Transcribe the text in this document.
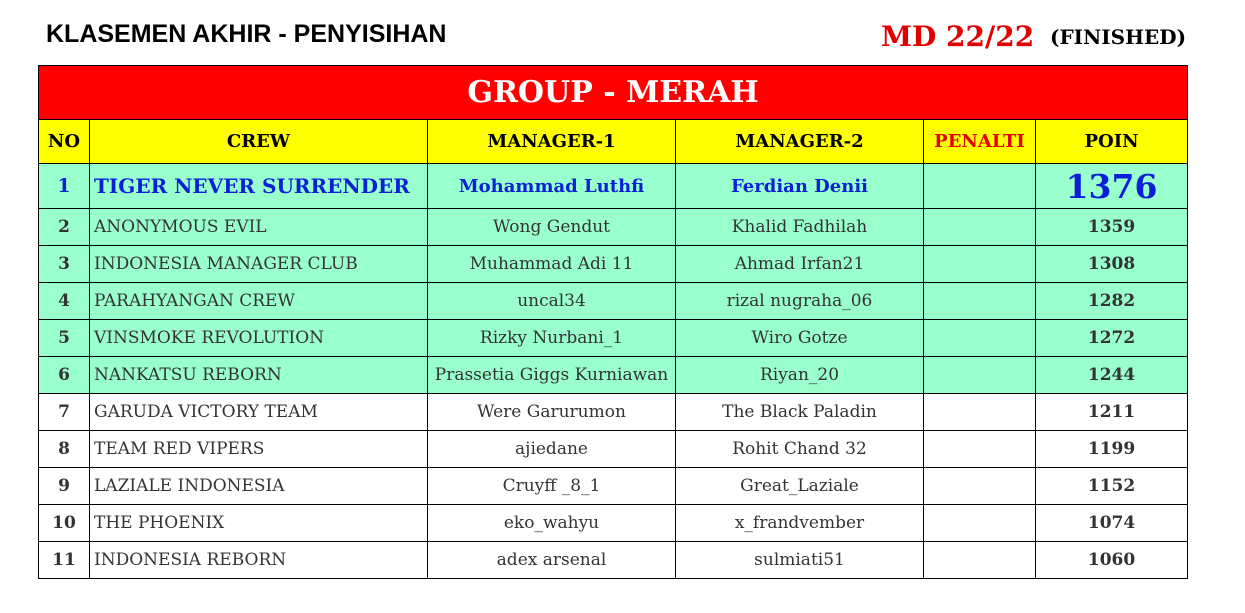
KLASEMEN AKHIR - PENYISIHAN	MD 22/22 (FINISHED)
GROUP - MERAH					
NO	CREW	MANAGER-1	MANAGER-2	PENALTI	POIN
1	TIGER NEVER SURRENDER	Mohammad Luthfi	Ferdian Denii		1376
2	ANONYMOUS EVIL	Wong Gendut	Khalid Fadhilah		1359
3	INDONESIA MANAGER CLUB	Muhammad Adi 11	Ahmad Irfan21		1308
4	PARAHYANGAN CREW	uncal34	rizal nugraha_06		1282
5	VINSMOKE REVOLUTION	Rizky Nurbani_1	Wiro Gotze		1272
6	NANKATSU REBORN	Prassetia Giggs Kurniawan	Riyan_20		1244
7	GARUDA VICTORY TEAM	Were Garurumon	The Black Paladin		1211
8	TEAM RED VIPERS	ajiedane	Rohit Chand 32		1199
9	LAZIALE INDONESIA	Cruyff _8_1	Great_Laziale		1152
10	THE PHOENIX	eko_wahyu	x_frandvember		1074
11	INDONESIA REBORN	adex arsenal	sulmiati51		1060
